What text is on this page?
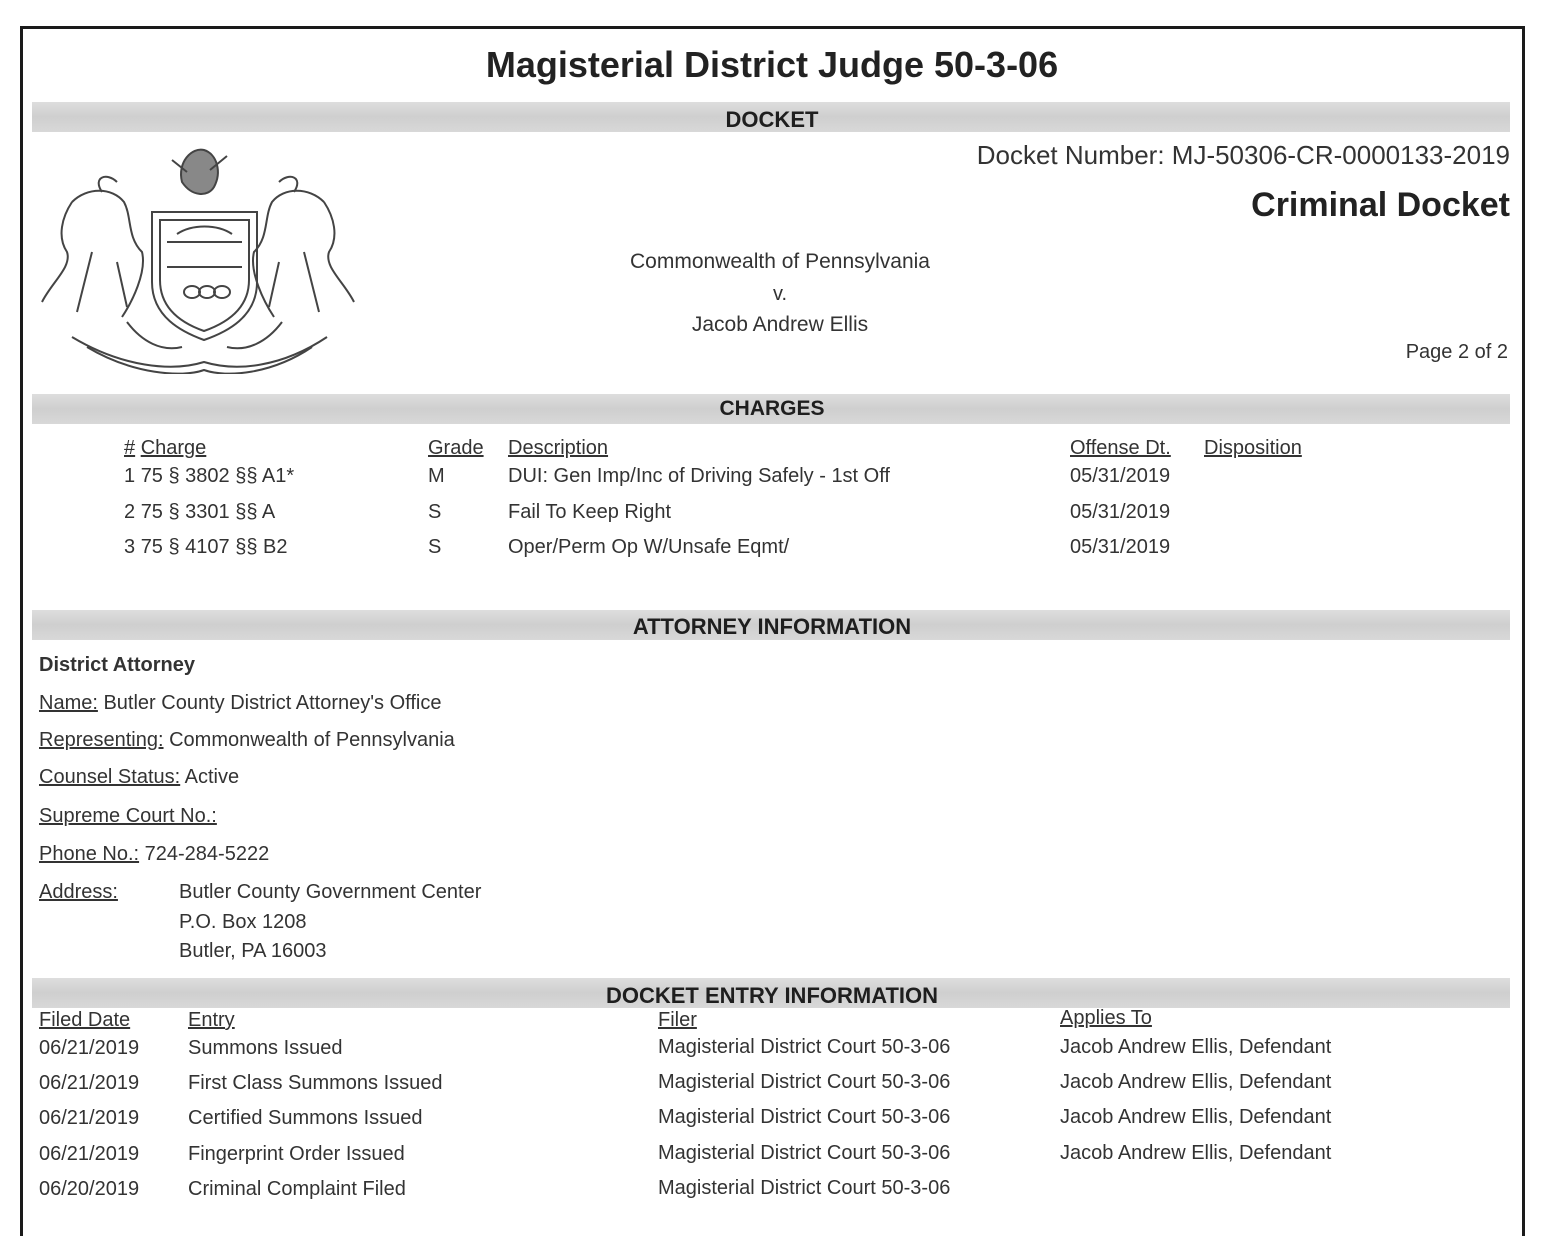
Magisterial District Judge 50-3-06
DOCKET
Docket Number: MJ-50306-CR-0000133-2019
Criminal Docket
Commonwealth of Pennsylvania
v.
Jacob Andrew Ellis
Page 2 of 2
CHARGES
# Charge	Grade Description	Offense Dt. Disposition
1 75 § 3802 §§ A1*	M	DUI: Gen Imp/Inc of Driving Safely - 1st Off	05/31/2019
2 75 § 3301 §§ A	S	Fail To Keep Right	05/31/2019
3 75 § 4107 §§ B2	S	Oper/Perm Op W/Unsafe Eqmt/	05/31/2019
ATTORNEY INFORMATION
District Attorney
Name: Butler County District Attorney's Office
Representing: Commonwealth of Pennsylvania
Counsel Status: Active
Supreme Court No.:
Phone No.: 724-284-5222
Address:	Butler County Government Center
P.O. Box 1208
Butler, PA 16003
DOCKET ENTRY INFORMATION
Filed Date	Entry	Filer	Applies To
06/21/2019 Summons Issued	Magisterial District Court 50-3-06	Jacob Andrew Ellis, Defendant
06/21/2019 First Class Summons Issued	Magisterial District Court 50-3-06	Jacob Andrew Ellis, Defendant
06/21/2019 Certified Summons Issued	Magisterial District Court 50-3-06	Jacob Andrew Ellis, Defendant
06/21/2019 Fingerprint Order Issued	Magisterial District Court 50-3-06	Jacob Andrew Ellis, Defendant
06/20/2019 Criminal Complaint Filed	Magisterial District Court 50-3-06
